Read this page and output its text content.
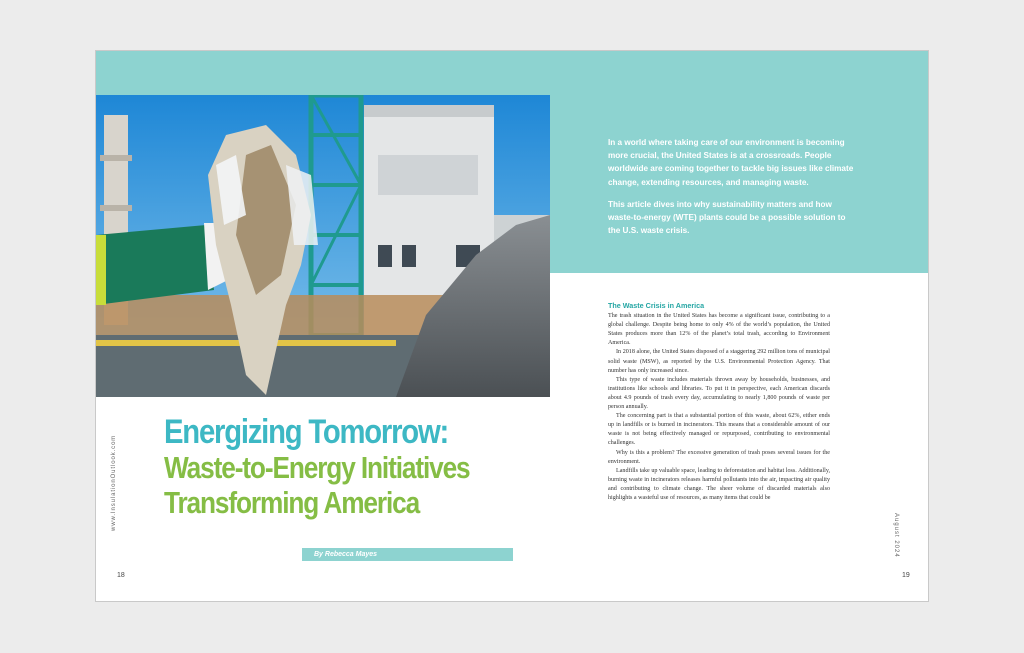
In a world where taking care of our environment is becoming more crucial, the United States is at a crossroads. People worldwide are coming together to tackle big issues like climate change, extending resources, and managing waste.

This article dives into why sustainability matters and how waste-to-energy (WTE) plants could be a possible solution to the U.S. waste crisis.

Energizing Tomorrow:
Waste-to-Energy Initiatives
Transforming America
By Rebecca Mayes
www.InsulationOutlook.com
August 2024
18	19
The Waste Crisis in America

The trash situation in the United States has become a significant issue, contributing to a global challenge. Despite being home to only 4% of the world’s population, the United States produces more than 12% of the planet’s total trash, according to Environment America.

In 2018 alone, the United States disposed of a staggering 292 million tons of municipal solid waste (MSW), as reported by the U.S. Environmental Protection Agency. That number has only increased since.

This type of waste includes materials thrown away by households, businesses, and institutions like schools and libraries. To put it in perspective, each American discards about 4.9 pounds of trash every day, accumulating to nearly 1,800 pounds of waste per person annually.

The concerning part is that a substantial portion of this waste, about 62%, either ends up in landfills or is burned in incinerators. This means that a considerable amount of our waste is not being effectively managed or repurposed, contributing to environmental challenges.

Why is this a problem? The excessive generation of trash poses several issues for the environment.

Landfills take up valuable space, leading to deforestation and habitat loss. Additionally, burning waste in incinerators releases harmful pollutants into the air, impacting air quality and contributing to climate change. The sheer volume of discarded materials also highlights a wasteful use of resources, as many items that could be
